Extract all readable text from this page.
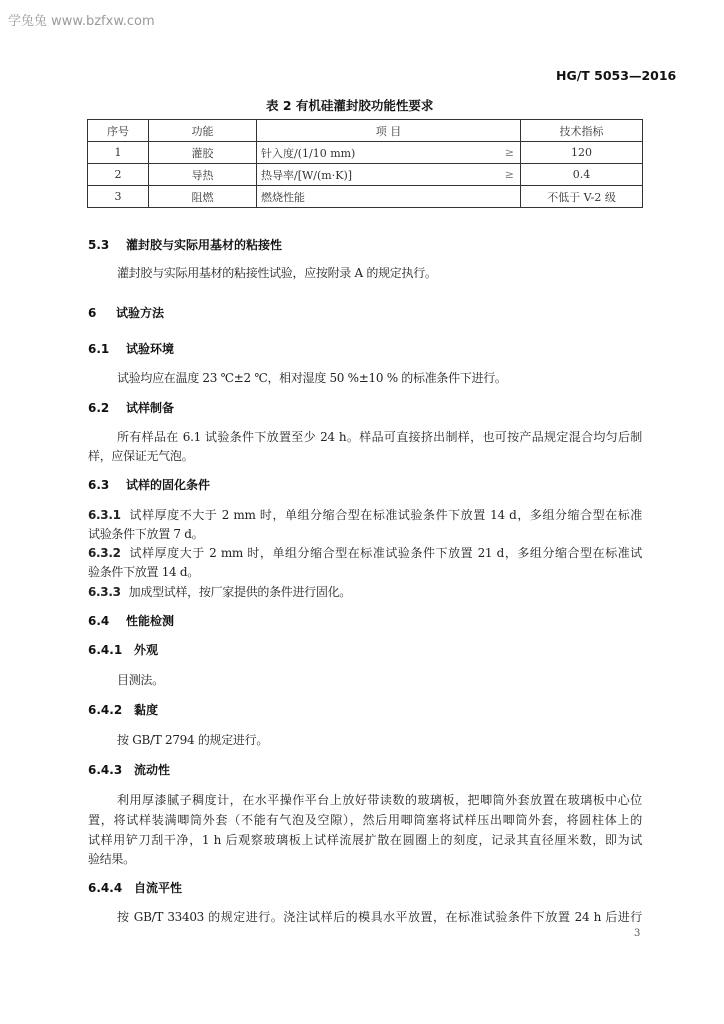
学兔兔 www.bzfxw.com
HG/T 5053—2016
表 2 有机硅灌封胶功能性要求
序号	功能	项 目	技术指标
1	灌胶	针入度/(1/10 mm) ≥	120
2	导热	热导率/[W/(m·K)] ≥	0.4
3	阻燃	燃烧性能	不低于 V-2 级
5.3 灌封胶与实际用基材的粘接性
灌封胶与实际用基材的粘接性试验，应按附录 A 的规定执行。
6 试验方法
6.1 试验环境
试验均应在温度 23 ℃±2 ℃，相对湿度 50 %±10 % 的标准条件下进行。
6.2 试样制备
所有样品在 6.1 试验条件下放置至少 24 h。样品可直接挤出制样，也可按产品规定混合均匀后制
样，应保证无气泡。
6.3 试样的固化条件
6.3.1 试样厚度不大于 2 mm 时，单组分缩合型在标准试验条件下放置 14 d，多组分缩合型在标准
试验条件下放置 7 d。
6.3.2 试样厚度大于 2 mm 时，单组分缩合型在标准试验条件下放置 21 d，多组分缩合型在标准试
验条件下放置 14 d。
6.3.3 加成型试样，按厂家提供的条件进行固化。
6.4 性能检测
6.4.1 外观
目测法。
6.4.2 黏度
按 GB/T 2794 的规定进行。
6.4.3 流动性
利用厚漆腻子稠度计，在水平操作平台上放好带读数的玻璃板，把唧筒外套放置在玻璃板中心位
置，将试样装满唧筒外套（不能有气泡及空隙），然后用唧筒塞将试样压出唧筒外套，将圆柱体上的
试样用铲刀刮干净，1 h 后观察玻璃板上试样流展扩散在圆圈上的刻度，记录其直径厘米数，即为试
验结果。
6.4.4 自流平性
按 GB/T 33403 的规定进行。浇注试样后的模具水平放置，在标准试验条件下放置 24 h 后进行
3
